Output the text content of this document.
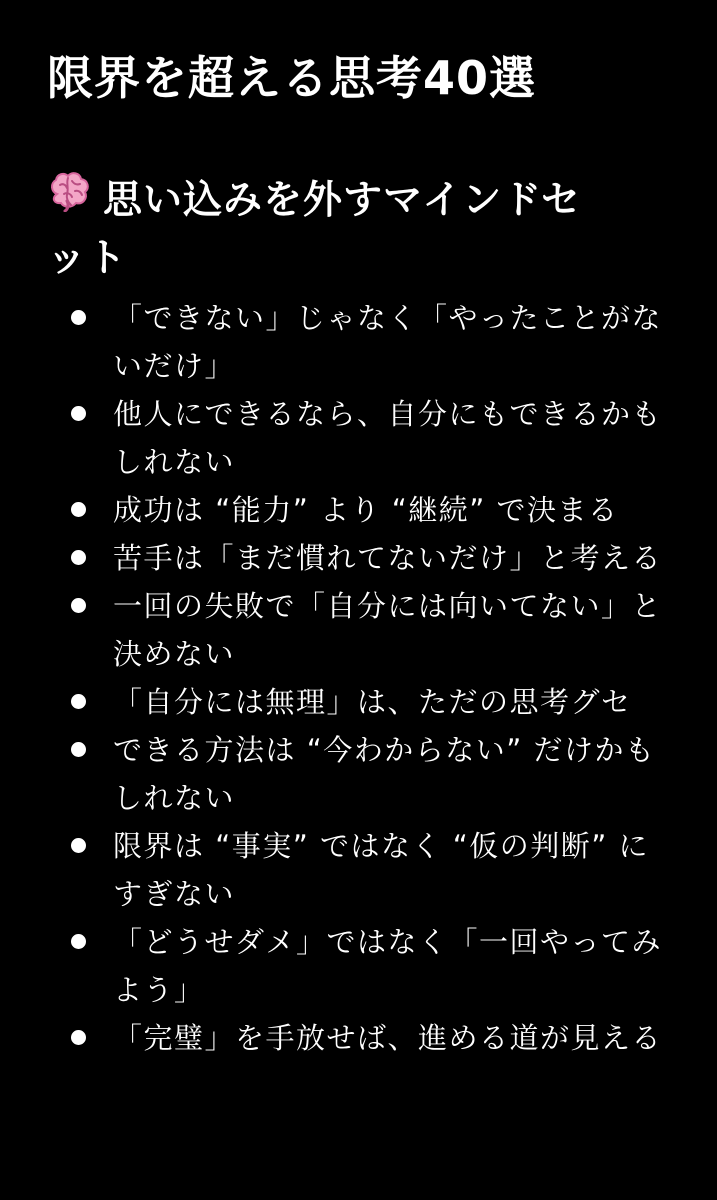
限界を超える思考40選
思い込みを外すマインドセット
「できない」じゃなく「やったことがないだけ」
他人にできるなら、自分にもできるかもしれない
成功は “能力” より “継続” で決まる
苦手は「まだ慣れてないだけ」と考える
一回の失敗で「自分には向いてない」と決めない
「自分には無理」は、ただの思考グセ
できる方法は “今わからない” だけかもしれない
限界は “事実” ではなく “仮の判断” にすぎない
「どうせダメ」ではなく「一回やってみよう」
「完璧」を手放せば、進める道が見える
